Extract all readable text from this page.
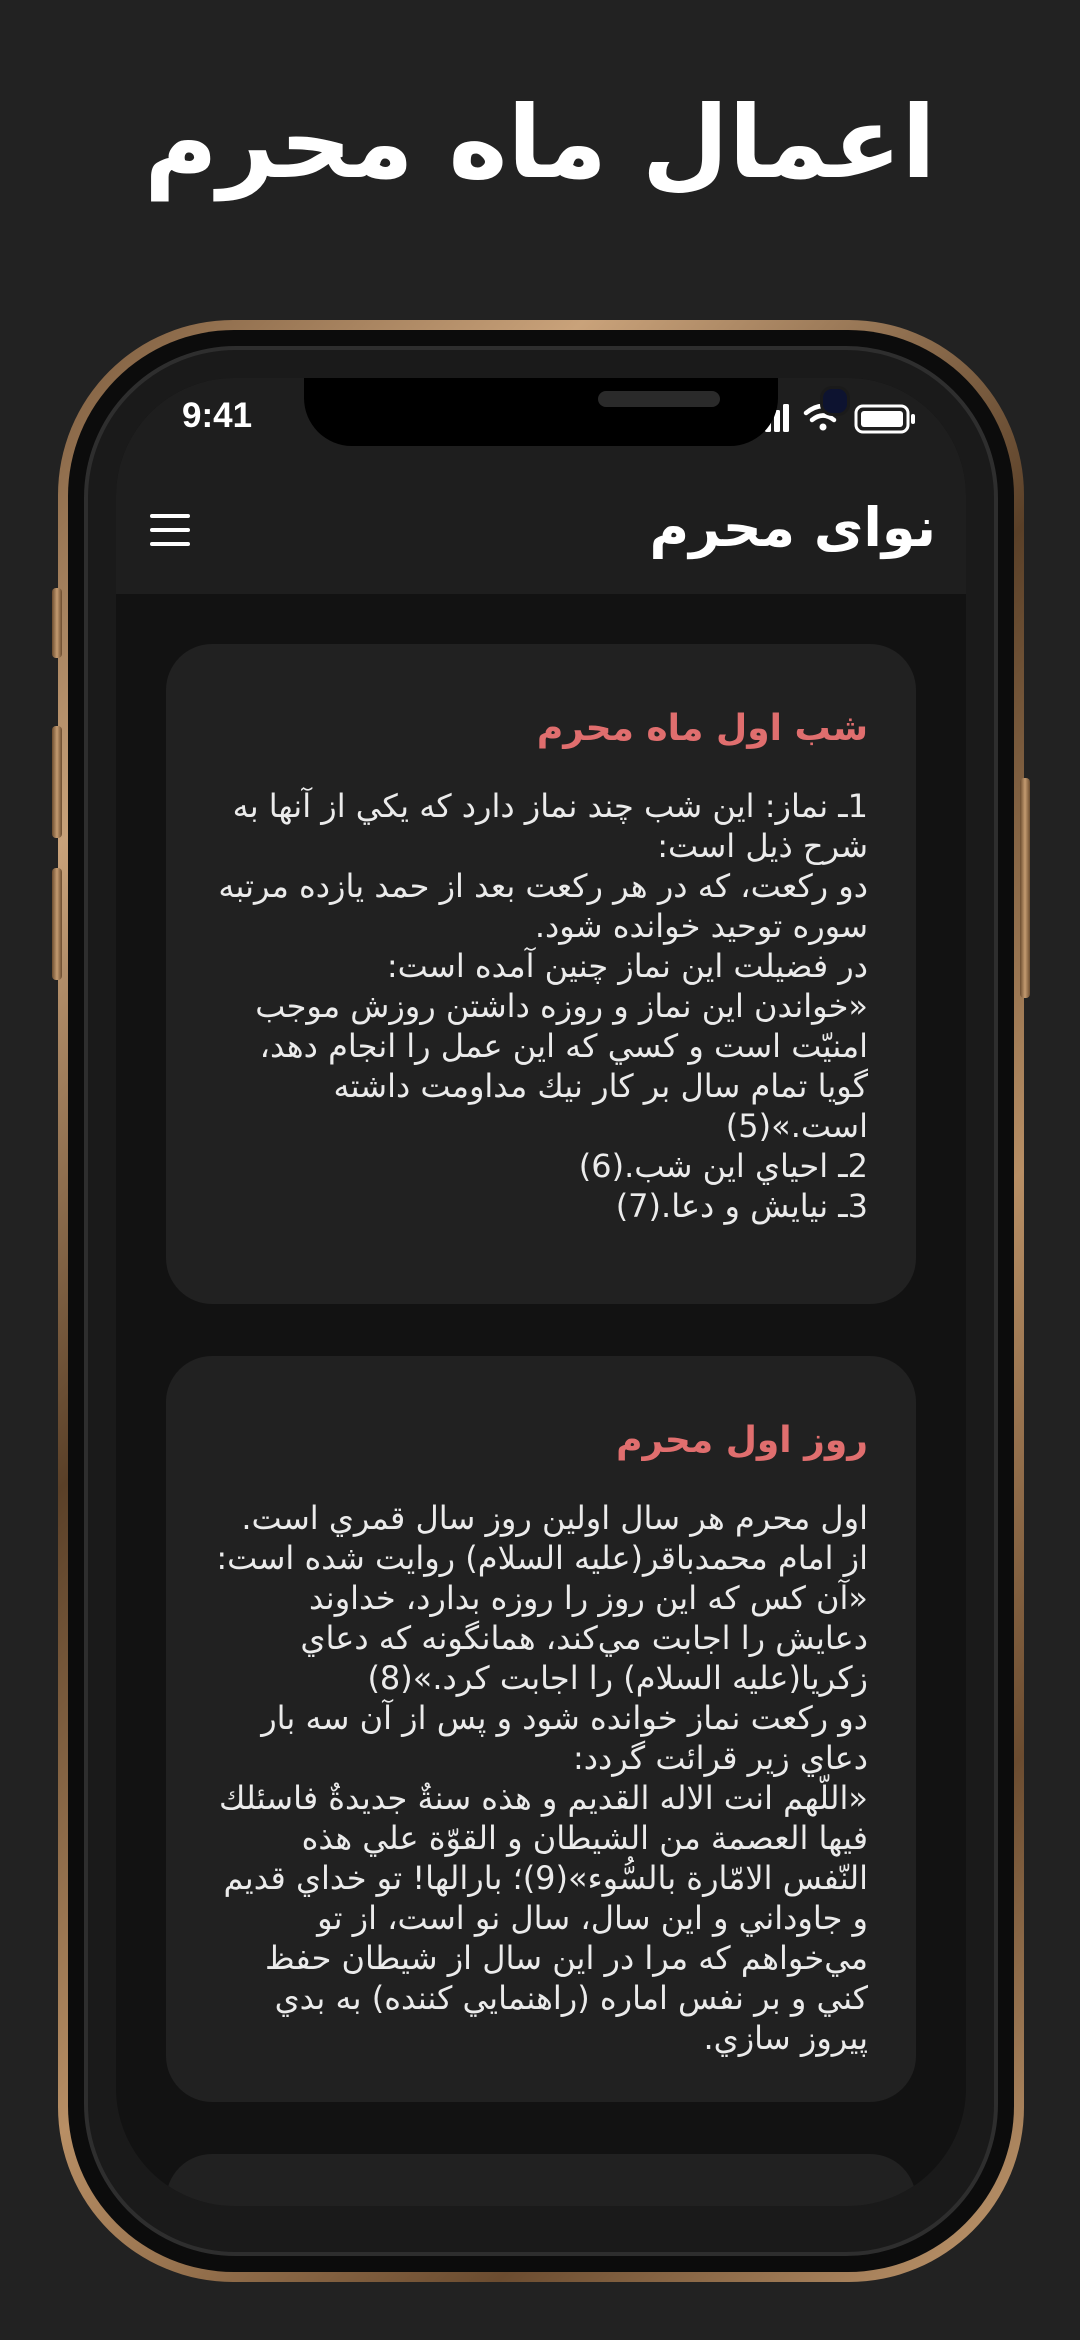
اعمال ماه محرم
9:41
نوای محرم
شب اول ماه محرم
1ـ نماز: اين شب چند نماز دارد كه يكي از آنها به شرح ذيل است:
دو ركعت، كه در هر ركعت بعد از حمد يازده مرتبه سوره توحيد خوانده شود.
در فضيلت اين نماز چنين آمده است:
«خواندن اين نماز و روزه داشتن روزش موجب امنيّت است و كسي كه اين عمل را انجام دهد، گويا تمام سال بر كار نيك مداومت داشته است.»(5)
2ـ احياي اين شب.(6)
3ـ نيايش و دعا.(7)
روز اول محرم
اول محرم هر سال اولين روز سال قمري است. از امام محمدباقر(عليه السلام) روايت شده است:
«آن كس كه اين روز را روزه بدارد، خداوند دعايش را اجابت مي‌كند، همانگونه كه دعاي زكريا(عليه السلام) را اجابت كرد.»(8)
دو ركعت نماز خوانده شود و پس از آن سه بار دعاي زير قرائت گردد:
«اللّهم انت الاله القديم و هذه سنةٌ جديدةٌ فاسئلك فيها العصمة من الشيطان و القوّة علي هذه النّفس الامّارة بالسُّوء»(9)؛ بارالها! تو خداي قديم و جاوداني و اين سال، سال نو است، از تو مي‌خواهم كه مرا در اين سال از شيطان حفظ كني و بر نفس اماره (راهنمايي كننده) به بدي پيروز سازي.
